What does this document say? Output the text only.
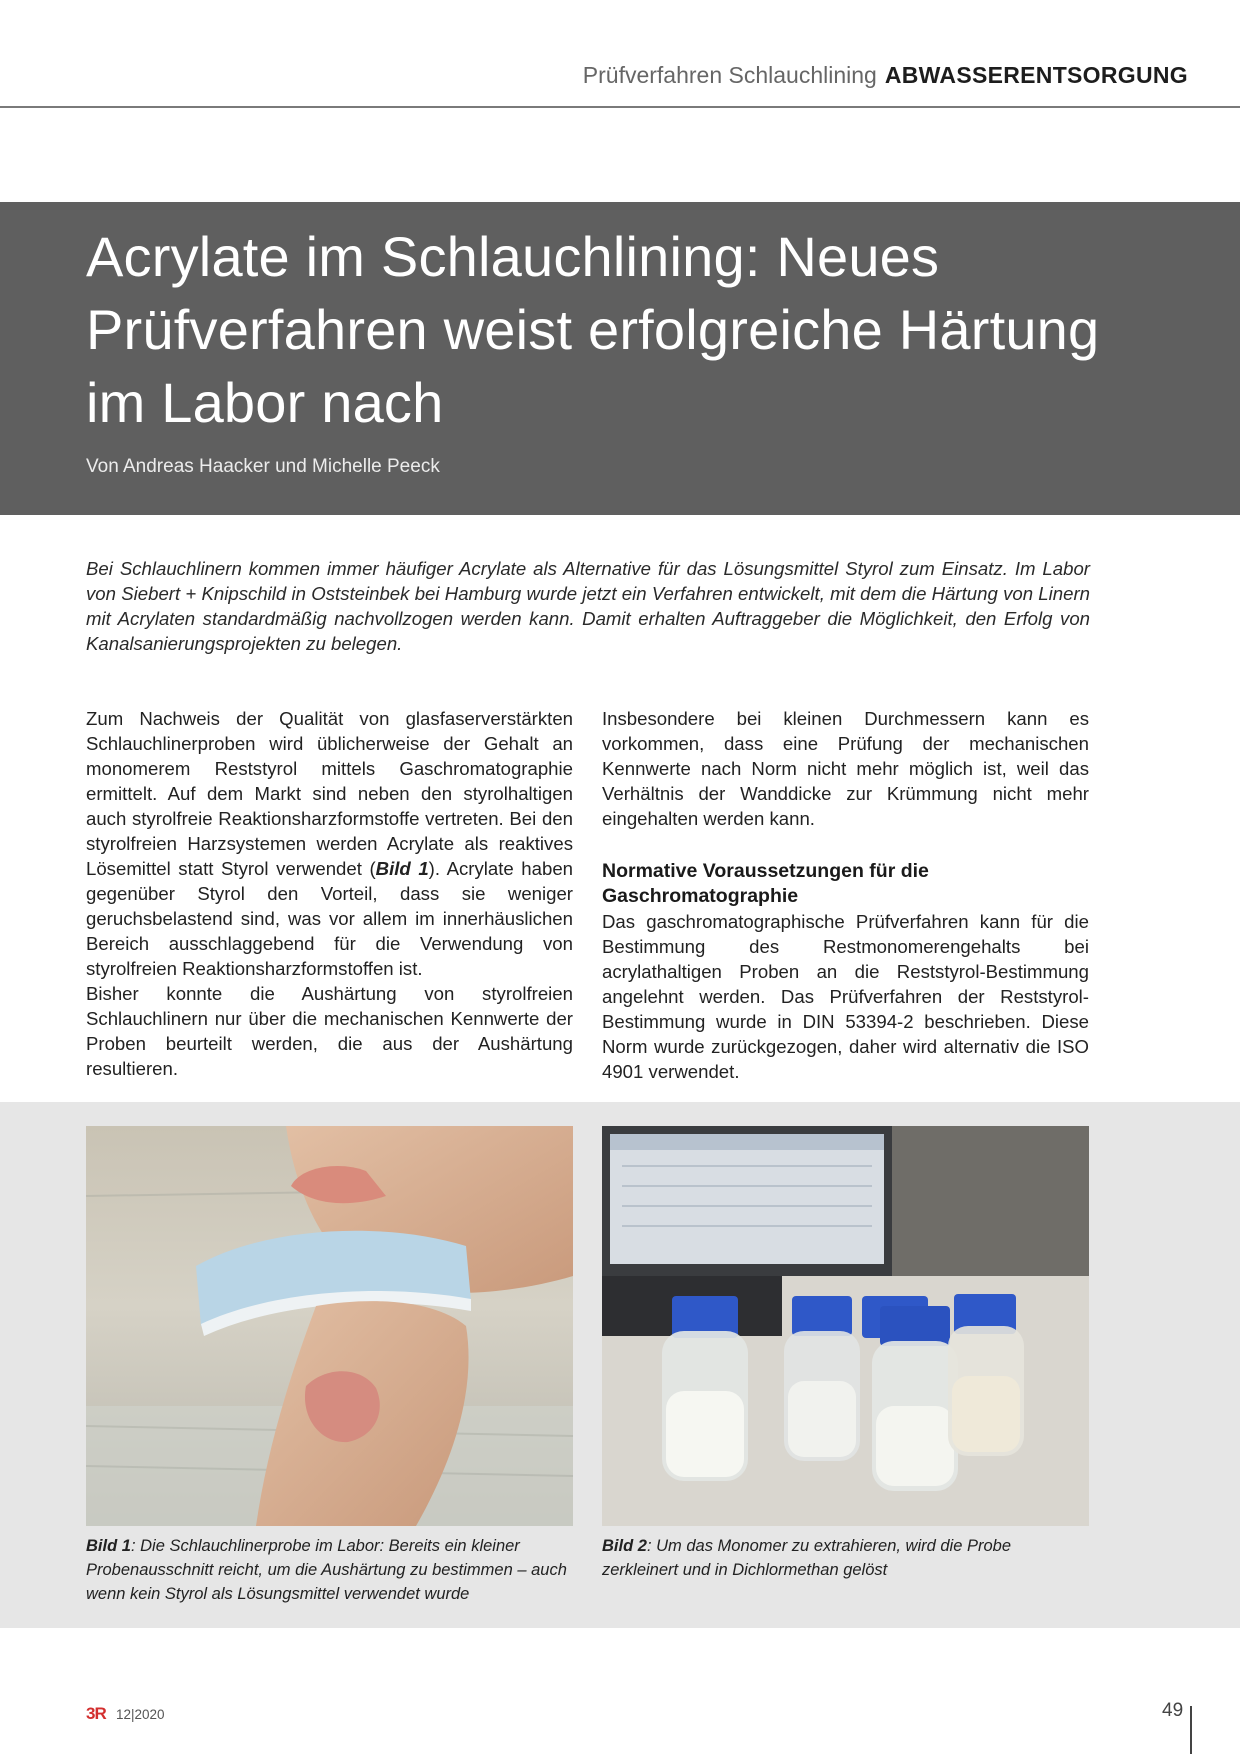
Prüfverfahren Schlauchlining ABWASSERENTSORGUNG
Acrylate im Schlauchlining: Neues Prüfverfahren weist erfolgreiche Härtung im Labor nach

Von Andreas Haacker und Michelle Peeck

Bei Schlauchlinern kommen immer häufiger Acrylate als Alternative für das Lösungsmittel Styrol zum Einsatz. Im Labor von Siebert + Knipschild in Oststeinbek bei Hamburg wurde jetzt ein Verfahren entwickelt, mit dem die Härtung von Linern mit Acrylaten standardmäßig nachvollzogen werden kann. Damit erhalten Auftraggeber die Möglichkeit, den Erfolg von Kanalsanierungsprojekten zu belegen.

Zum Nachweis der Qualität von glasfaserverstärkten Schlauchlinerproben wird üblicherweise der Gehalt an monomerem Reststyrol mittels Gaschromatographie ermittelt. Auf dem Markt sind neben den styrolhaltigen auch styrolfreie Reaktionsharzformstoffe vertreten. Bei den styrolfreien Harzsystemen werden Acrylate als reaktives Lösemittel statt Styrol verwendet (Bild 1). Acrylate haben gegenüber Styrol den Vorteil, dass sie weniger geruchsbelastend sind, was vor allem im innerhäuslichen Bereich ausschlaggebend für die Verwendung von styrolfreien Reaktionsharzformstoffen ist.

Bisher konnte die Aushärtung von styrolfreien Schlauchlinern nur über die mechanischen Kennwerte der Proben beurteilt werden, die aus der Aushärtung resultieren.

Insbesondere bei kleinen Durchmessern kann es vorkommen, dass eine Prüfung der mechanischen Kennwerte nach Norm nicht mehr möglich ist, weil das Verhältnis der Wanddicke zur Krümmung nicht mehr eingehalten werden kann.

Normative Voraussetzungen für die Gaschromatographie

Das gaschromatographische Prüfverfahren kann für die Bestimmung des Restmonomerengehalts bei acrylathaltigen Proben an die Reststyrol-Bestimmung angelehnt werden. Das Prüfverfahren der Reststyrol-Bestimmung wurde in DIN 53394-2 beschrieben. Diese Norm wurde zurückgezogen, daher wird alternativ die ISO 4901 verwendet.

Bild 1: Die Schlauchlinerprobe im Labor: Bereits ein kleiner Probenausschnitt reicht, um die Aushärtung zu bestimmen – auch wenn kein Styrol als Lösungsmittel verwendet wurde

Bild 2: Um das Monomer zu extrahieren, wird die Probe zerkleinert und in Dichlormethan gelöst

3R 12|2020	49
